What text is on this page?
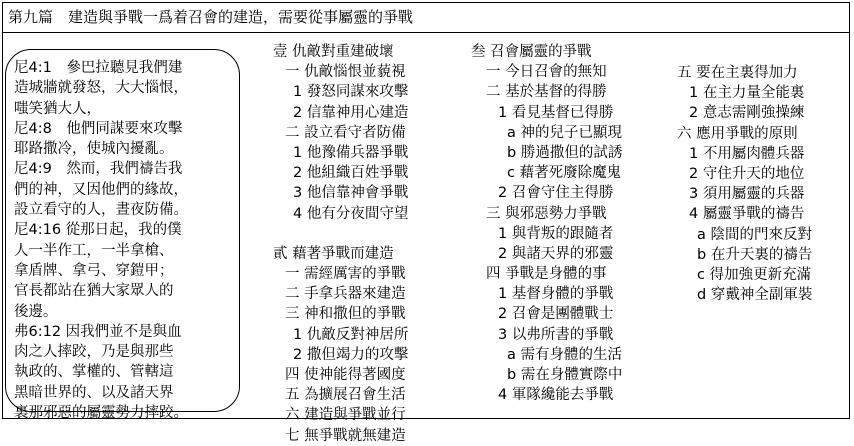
第九篇　建造與爭戰一爲着召會的建造，需要從事屬靈的爭戰
尼4:1　參巴拉聽見我們建
造城牆就發怒，大大惱恨，
嗤笑猶大人，
尼4:8　他們同謀要來攻擊
耶路撒冷，使城內擾亂。
尼4:9　然而，我們禱告我
們的神，又因他們的緣故，
設立看守的人，晝夜防備。
尼4:16 從那日起，我的僕
人一半作工，一半拿槍、
拿盾牌、拿弓、穿鎧甲；
官長都站在猶大家眾人的
後邊。
弗6:12 因我們並不是與血
肉之人摔跤，乃是與那些
執政的、掌權的、管轄這
黑暗世界的、以及諸天界
裏那邪惡的屬靈勢力摔跤。
壹 仇敵對重建破壞
一 仇敵惱恨並藐視
1 發怒同謀來攻擊
2 信靠神用心建造
二 設立看守者防備
1 他豫備兵器爭戰
2 他組織百姓爭戰
3 他信靠神會爭戰
4 他有分夜間守望
貳 藉著爭戰而建造
一 需經厲害的爭戰
二 手拿兵器來建造
三 神和撒但的爭戰
1 仇敵反對神居所
2 撒但竭力的攻擊
四 使神能得著國度
五 為擴展召會生活
六 建造與爭戰並行
七 無爭戰就無建造
叁 召會屬靈的爭戰
一 今日召會的無知
二 基於基督的得勝
1 看見基督已得勝
a 神的兒子已顯現
b 勝過撒但的試誘
c 藉著死廢除魔鬼
2 召會守住主得勝
三 與邪惡勢力爭戰
1 與背叛的跟隨者
2 與諸天界的邪靈
四 爭戰是身體的事
1 基督身體的爭戰
2 召會是團體戰士
3 以弗所書的爭戰
a 需有身體的生活
b 需在身體實際中
4 軍隊纔能去爭戰
五 要在主裏得加力
1 在主力量全能裏
2 意志需剛強操練
六 應用爭戰的原則
1 不用屬肉體兵器
2 守住升天的地位
3 須用屬靈的兵器
4 屬靈爭戰的禱告
a 陰間的門來反對
b 在升天裏的禱告
c 得加強更新充滿
d 穿戴神全副軍裝
